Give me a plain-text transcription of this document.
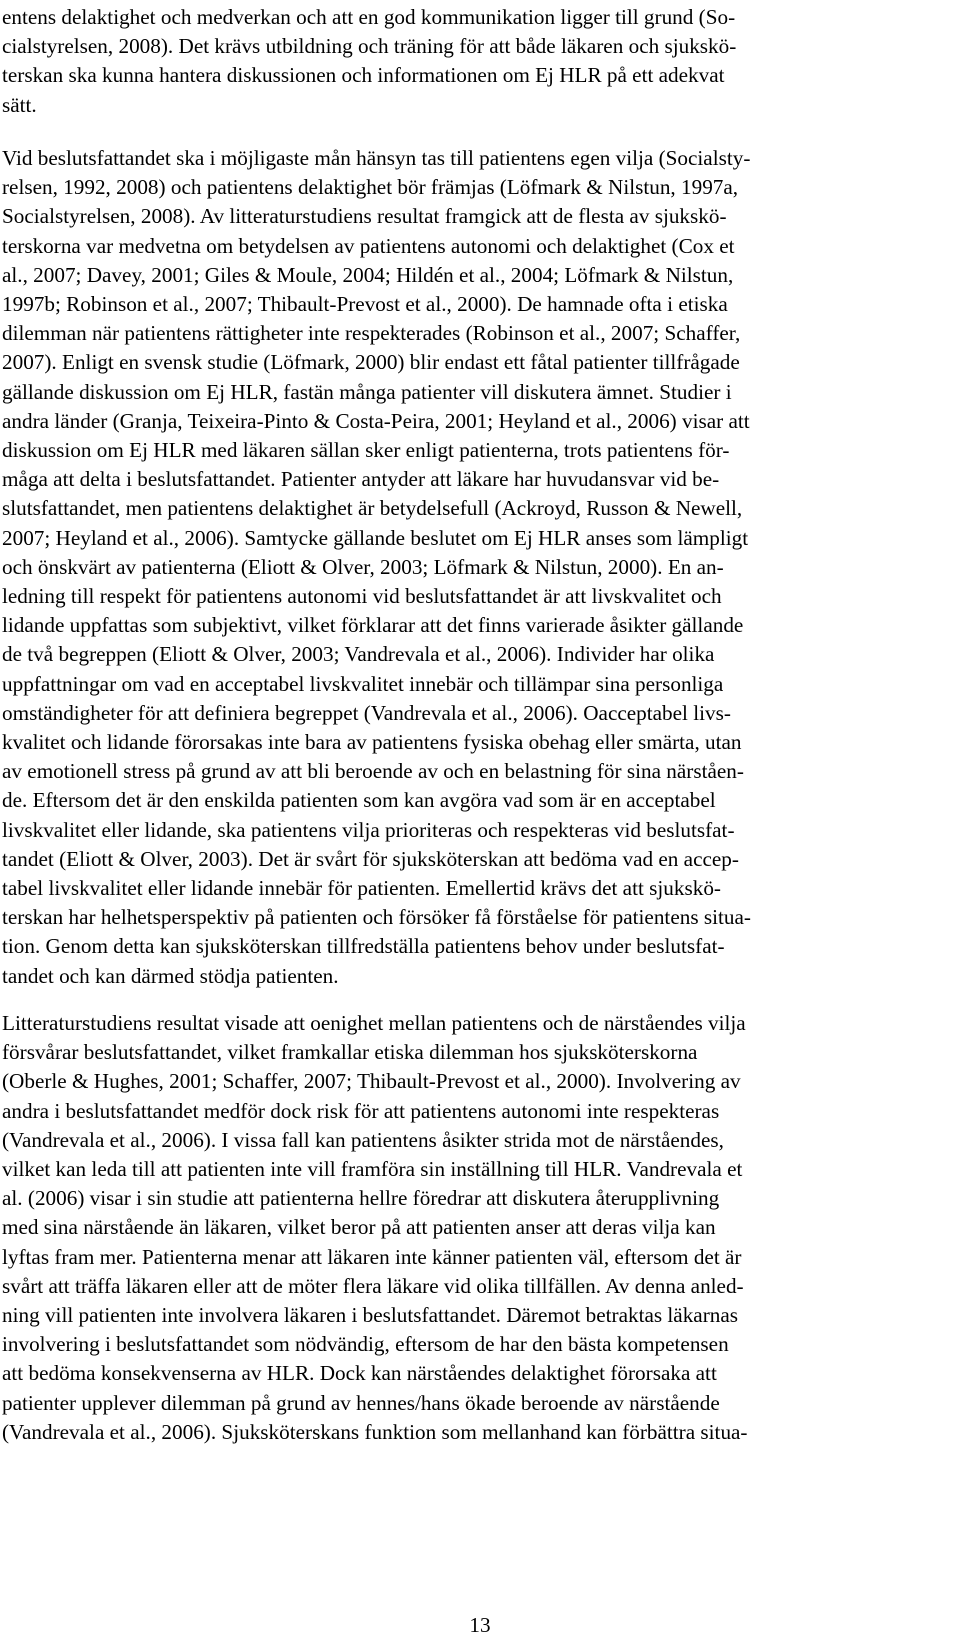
entens delaktighet och medverkan och att en god kommunikation ligger till grund (So-
cialstyrelsen, 2008). Det krävs utbildning och träning för att både läkaren och sjukskö-
terskan ska kunna hantera diskussionen och informationen om Ej HLR på ett adekvat
sätt.
Vid beslutsfattandet ska i möjligaste mån hänsyn tas till patientens egen vilja (Socialsty-
relsen, 1992, 2008) och patientens delaktighet bör främjas (Löfmark & Nilstun, 1997a,
Socialstyrelsen, 2008). Av litteraturstudiens resultat framgick att de flesta av sjukskö-
terskorna var medvetna om betydelsen av patientens autonomi och delaktighet (Cox et
al., 2007; Davey, 2001; Giles & Moule, 2004; Hildén et al., 2004; Löfmark & Nilstun,
1997b; Robinson et al., 2007; Thibault-Prevost et al., 2000). De hamnade ofta i etiska
dilemman när patientens rättigheter inte respekterades (Robinson et al., 2007; Schaffer,
2007). Enligt en svensk studie (Löfmark, 2000) blir endast ett fåtal patienter tillfrågade
gällande diskussion om Ej HLR, fastän många patienter vill diskutera ämnet. Studier i
andra länder (Granja, Teixeira-Pinto & Costa-Peira, 2001; Heyland et al., 2006) visar att
diskussion om Ej HLR med läkaren sällan sker enligt patienterna, trots patientens för-
måga att delta i beslutsfattandet. Patienter antyder att läkare har huvudansvar vid be-
slutsfattandet, men patientens delaktighet är betydelsefull (Ackroyd, Russon & Newell,
2007; Heyland et al., 2006). Samtycke gällande beslutet om Ej HLR anses som lämpligt
och önskvärt av patienterna (Eliott & Olver, 2003; Löfmark & Nilstun, 2000). En an-
ledning till respekt för patientens autonomi vid beslutsfattandet är att livskvalitet och
lidande uppfattas som subjektivt, vilket förklarar att det finns varierade åsikter gällande
de två begreppen (Eliott & Olver, 2003; Vandrevala et al., 2006). Individer har olika
uppfattningar om vad en acceptabel livskvalitet innebär och tillämpar sina personliga
omständigheter för att definiera begreppet (Vandrevala et al., 2006). Oacceptabel livs-
kvalitet och lidande förorsakas inte bara av patientens fysiska obehag eller smärta, utan
av emotionell stress på grund av att bli beroende av och en belastning för sina närståen-
de. Eftersom det är den enskilda patienten som kan avgöra vad som är en acceptabel
livskvalitet eller lidande, ska patientens vilja prioriteras och respekteras vid beslutsfat-
tandet (Eliott & Olver, 2003). Det är svårt för sjuksköterskan att bedöma vad en accep-
tabel livskvalitet eller lidande innebär för patienten. Emellertid krävs det att sjukskö-
terskan har helhetsperspektiv på patienten och försöker få förståelse för patientens situa-
tion. Genom detta kan sjuksköterskan tillfredställa patientens behov under beslutsfat-
tandet och kan därmed stödja patienten.
Litteraturstudiens resultat visade att oenighet mellan patientens och de närståendes vilja
försvårar beslutsfattandet, vilket framkallar etiska dilemman hos sjuksköterskorna
(Oberle & Hughes, 2001; Schaffer, 2007; Thibault-Prevost et al., 2000). Involvering av
andra i beslutsfattandet medför dock risk för att patientens autonomi inte respekteras
(Vandrevala et al., 2006). I vissa fall kan patientens åsikter strida mot de närståendes,
vilket kan leda till att patienten inte vill framföra sin inställning till HLR. Vandrevala et
al. (2006) visar i sin studie att patienterna hellre föredrar att diskutera återupplivning
med sina närstående än läkaren, vilket beror på att patienten anser att deras vilja kan
lyftas fram mer. Patienterna menar att läkaren inte känner patienten väl, eftersom det är
svårt att träffa läkaren eller att de möter flera läkare vid olika tillfällen. Av denna anled-
ning vill patienten inte involvera läkaren i beslutsfattandet. Däremot betraktas läkarnas
involvering i beslutsfattandet som nödvändig, eftersom de har den bästa kompetensen
att bedöma konsekvenserna av HLR. Dock kan närståendes delaktighet förorsaka att
patienter upplever dilemman på grund av hennes/hans ökade beroende av närstående
(Vandrevala et al., 2006). Sjuksköterskans funktion som mellanhand kan förbättra situa-
13
